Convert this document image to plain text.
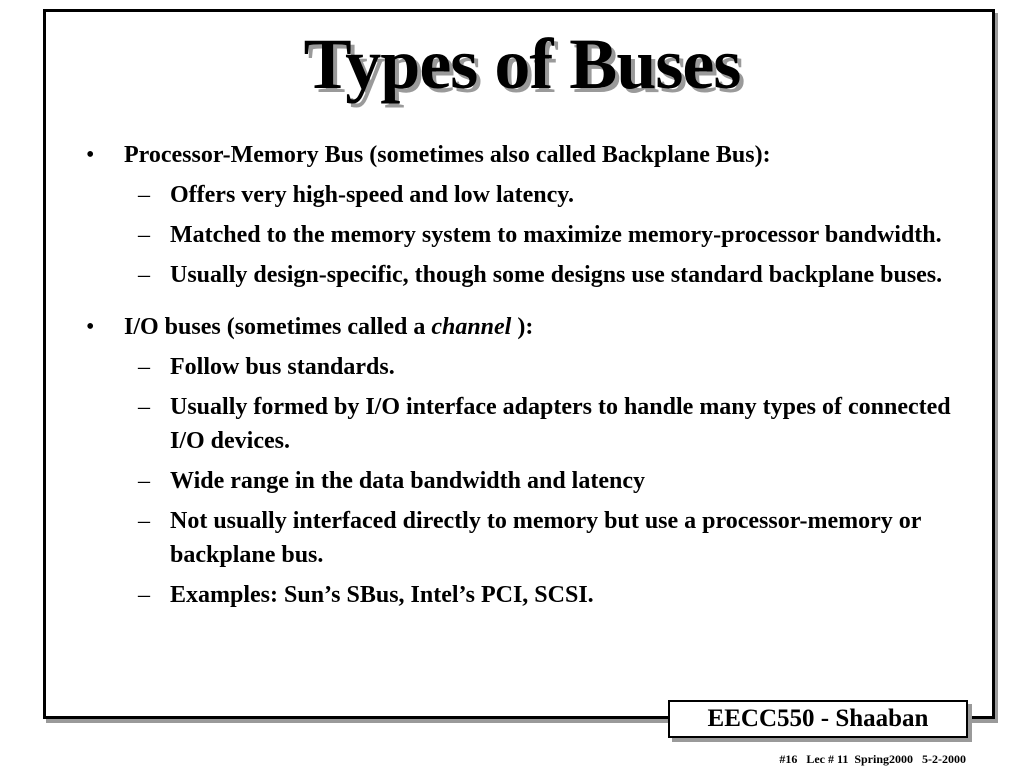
Types of Buses
• Processor-Memory Bus (sometimes also called Backplane Bus):
– Offers very high-speed and low latency.
– Matched to the memory system to maximize memory-processor bandwidth.
– Usually design-specific, though some designs use standard backplane buses.
• I/O buses (sometimes called a channel ):
– Follow bus standards.
– Usually formed by I/O interface adapters to handle many types of connected I/O devices.
– Wide range in the data bandwidth and latency
– Not usually interfaced directly to memory but use a processor-memory or backplane bus.
– Examples: Sun’s SBus, Intel’s PCI, SCSI.
EECC550 - Shaaban
#16   Lec # 11  Spring2000   5-2-2000
